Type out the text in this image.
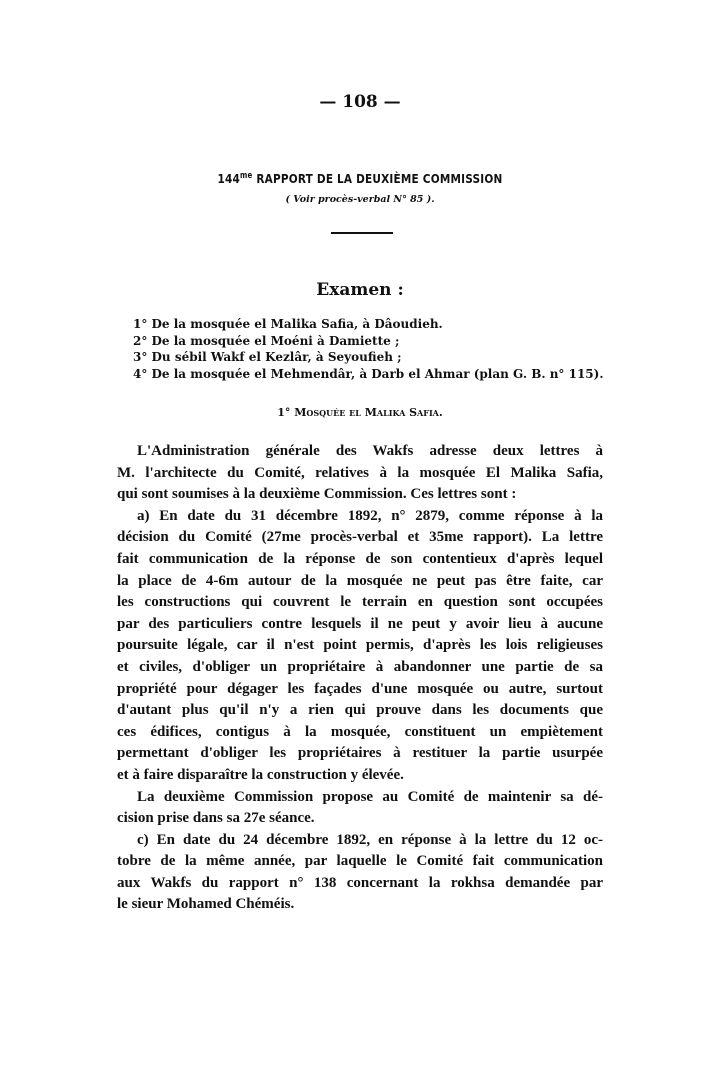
— 108 —
$144^{me}$ RAPPORT DE LA DEUXIÈME COMMISSION
( Voir procès-verbal N° 85 ).
Examen :
1° De la mosquée el Malika Safia, à Dâoudieh.
2° De la mosquée el Moéni à Damiette ;
3° Du sébil Wakf el Kezlâr, à Seyoufieh ;
4° De la mosquée el Mehmendâr, à Darb el Ahmar (plan G. B. n° 115).
1° Mosquée el Malika Safia.
L'Administration générale des Wakfs adresse deux lettres à
M. l'architecte du Comité, relatives à la mosquée El Malika Safia,
qui sont soumises à la deuxième Commission. Ces lettres sont :
a) En date du 31 décembre 1892, n° 2879, comme réponse à la
décision du Comité (27me procès-verbal et 35me rapport). La lettre
fait communication de la réponse de son contentieux d'après lequel
la place de 4-6m autour de la mosquée ne peut pas être faite, car
les constructions qui couvrent le terrain en question sont occupées
par des particuliers contre lesquels il ne peut y avoir lieu à aucune
poursuite légale, car il n'est point permis, d'après les lois religieuses
et civiles, d'obliger un propriétaire à abandonner une partie de sa
propriété pour dégager les façades d'une mosquée ou autre, surtout
d'autant plus qu'il n'y a rien qui prouve dans les documents que
ces édifices, contigus à la mosquée, constituent un empiètement
permettant d'obliger les propriétaires à restituer la partie usurpée
et à faire disparaître la construction y élevée.
La deuxième Commission propose au Comité de maintenir sa dé-
cision prise dans sa 27e séance.
c) En date du 24 décembre 1892, en réponse à la lettre du 12 oc-
tobre de la même année, par laquelle le Comité fait communication
aux Wakfs du rapport n° 138 concernant la rokhsa demandée par
le sieur Mohamed Chéméis.
